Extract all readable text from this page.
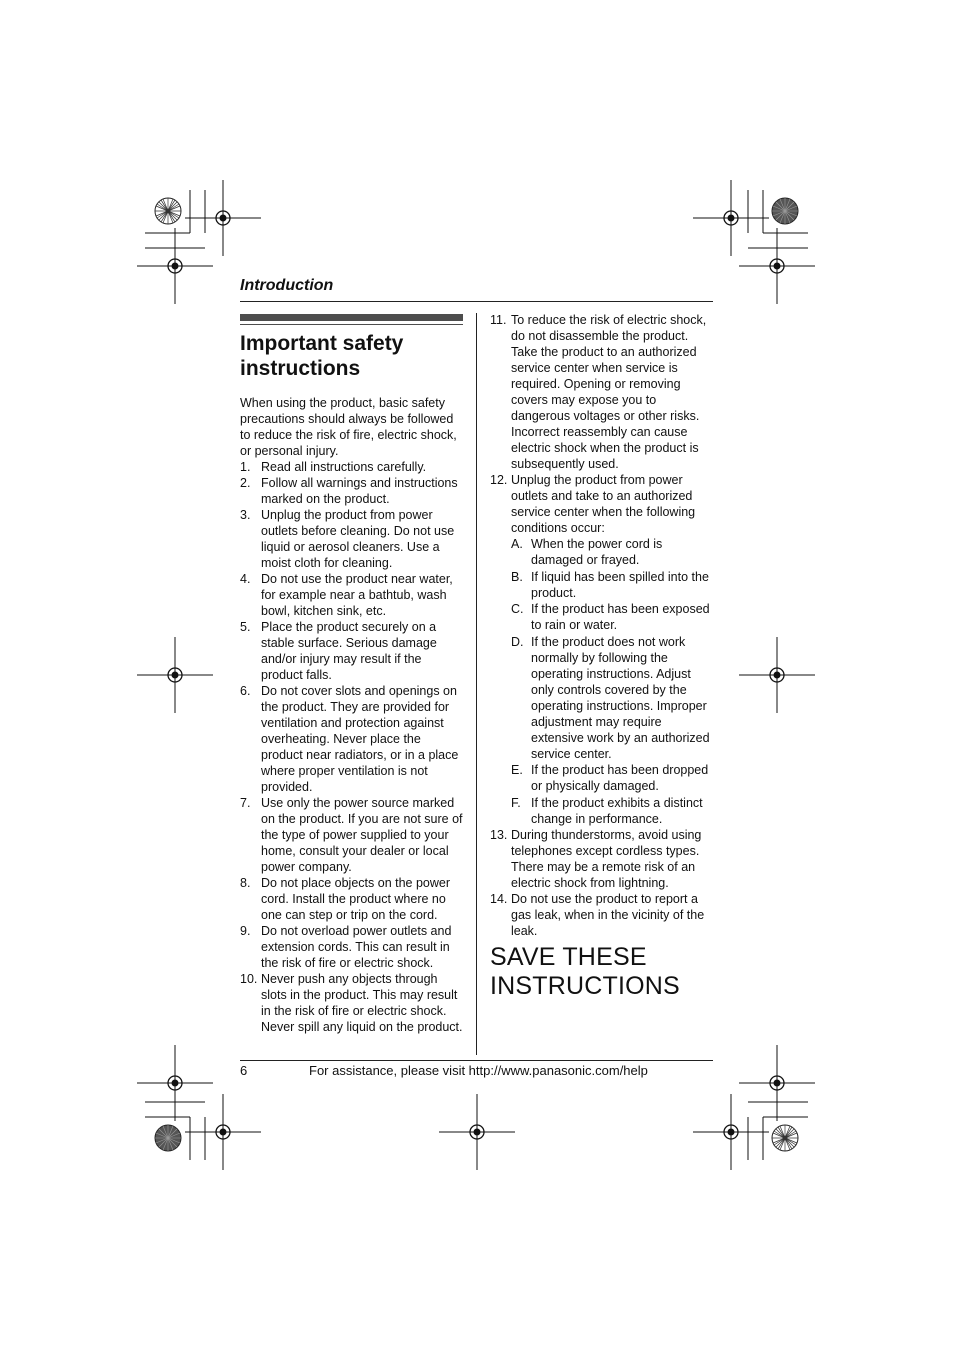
Introduction
Important safety instructions
When using the product, basic safety precautions should always be followed to reduce the risk of fire, electric shock, or personal injury.
1. Read all instructions carefully.
2. Follow all warnings and instructions marked on the product.
3. Unplug the product from power outlets before cleaning. Do not use liquid or aerosol cleaners. Use a moist cloth for cleaning.
4. Do not use the product near water, for example near a bathtub, wash bowl, kitchen sink, etc.
5. Place the product securely on a stable surface. Serious damage and/or injury may result if the product falls.
6. Do not cover slots and openings on the product. They are provided for ventilation and protection against overheating. Never place the product near radiators, or in a place where proper ventilation is not provided.
7. Use only the power source marked on the product. If you are not sure of the type of power supplied to your home, consult your dealer or local power company.
8. Do not place objects on the power cord. Install the product where no one can step or trip on the cord.
9. Do not overload power outlets and extension cords. This can result in the risk of fire or electric shock.
10. Never push any objects through slots in the product. This may result in the risk of fire or electric shock. Never spill any liquid on the product.
11. To reduce the risk of electric shock, do not disassemble the product. Take the product to an authorized service center when service is required. Opening or removing covers may expose you to dangerous voltages or other risks. Incorrect reassembly can cause electric shock when the product is subsequently used.
12. Unplug the product from power outlets and take to an authorized service center when the following conditions occur:
A. When the power cord is damaged or frayed.
B. If liquid has been spilled into the product.
C. If the product has been exposed to rain or water.
D. If the product does not work normally by following the operating instructions. Adjust only controls covered by the operating instructions. Improper adjustment may require extensive work by an authorized service center.
E. If the product has been dropped or physically damaged.
F. If the product exhibits a distinct change in performance.
13. During thunderstorms, avoid using telephones except cordless types. There may be a remote risk of an electric shock from lightning.
14. Do not use the product to report a gas leak, when in the vicinity of the leak.
SAVE THESE INSTRUCTIONS
6	For assistance, please visit http://www.panasonic.com/help
